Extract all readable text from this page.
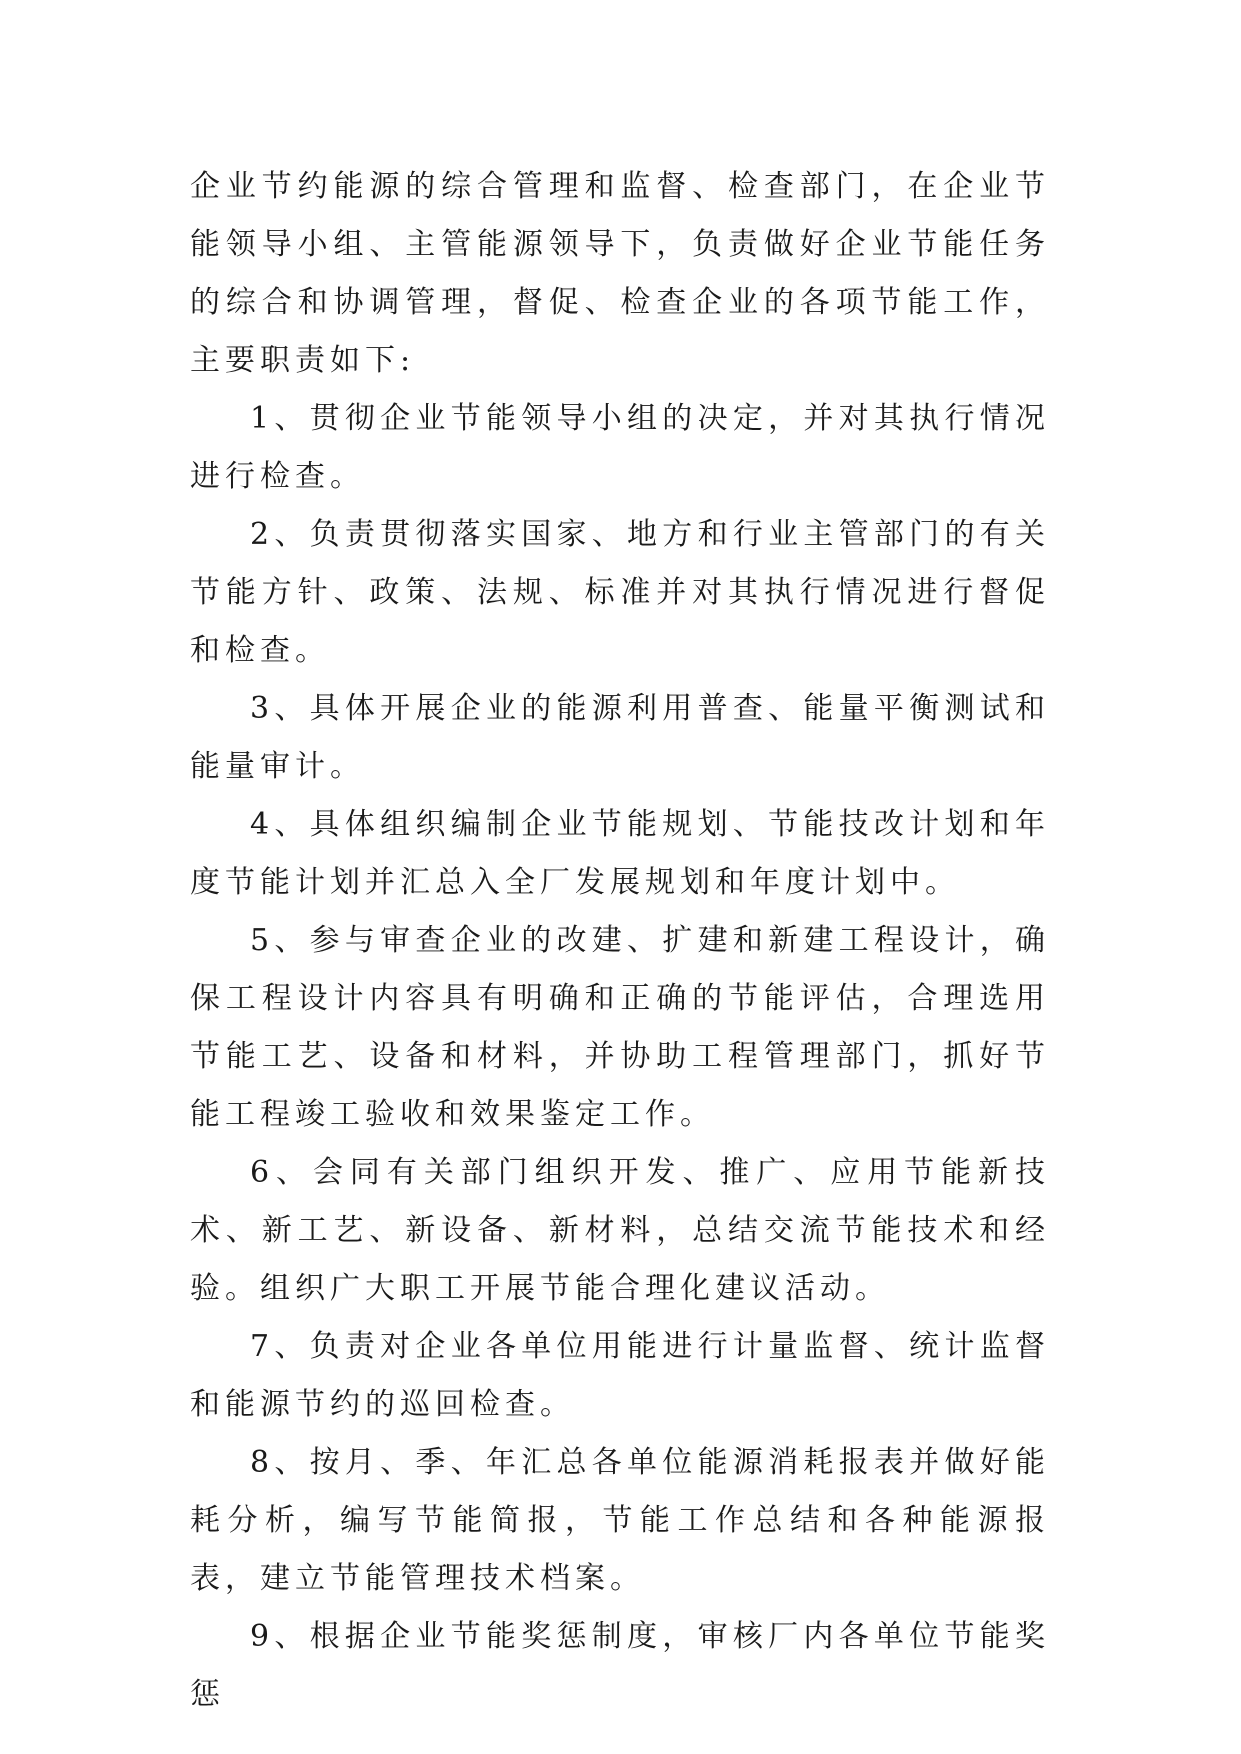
企业节约能源的综合管理和监督、检查部门，在企业节能领导小组、主管能源领导下，负责做好企业节能任务的综合和协调管理，督促、检查企业的各项节能工作，主要职责如下:

1、贯彻企业节能领导小组的决定，并对其执行情况进行检查。

2、负责贯彻落实国家、地方和行业主管部门的有关节能方针、政策、法规、标准并对其执行情况进行督促和检查。

3、具体开展企业的能源利用普查、能量平衡测试和能量审计。

4、具体组织编制企业节能规划、节能技改计划和年度节能计划并汇总入全厂发展规划和年度计划中。

5、参与审查企业的改建、扩建和新建工程设计，确保工程设计内容具有明确和正确的节能评估，合理选用节能工艺、设备和材料，并协助工程管理部门，抓好节能工程竣工验收和效果鉴定工作。

6、会同有关部门组织开发、推广、应用节能新技术、新工艺、新设备、新材料，总结交流节能技术和经验。组织广大职工开展节能合理化建议活动。

7、负责对企业各单位用能进行计量监督、统计监督和能源节约的巡回检查。

8、按月、季、年汇总各单位能源消耗报表并做好能耗分析，编写节能简报，节能工作总结和各种能源报表，建立节能管理技术档案。

9、根据企业节能奖惩制度，审核厂内各单位节能奖惩
